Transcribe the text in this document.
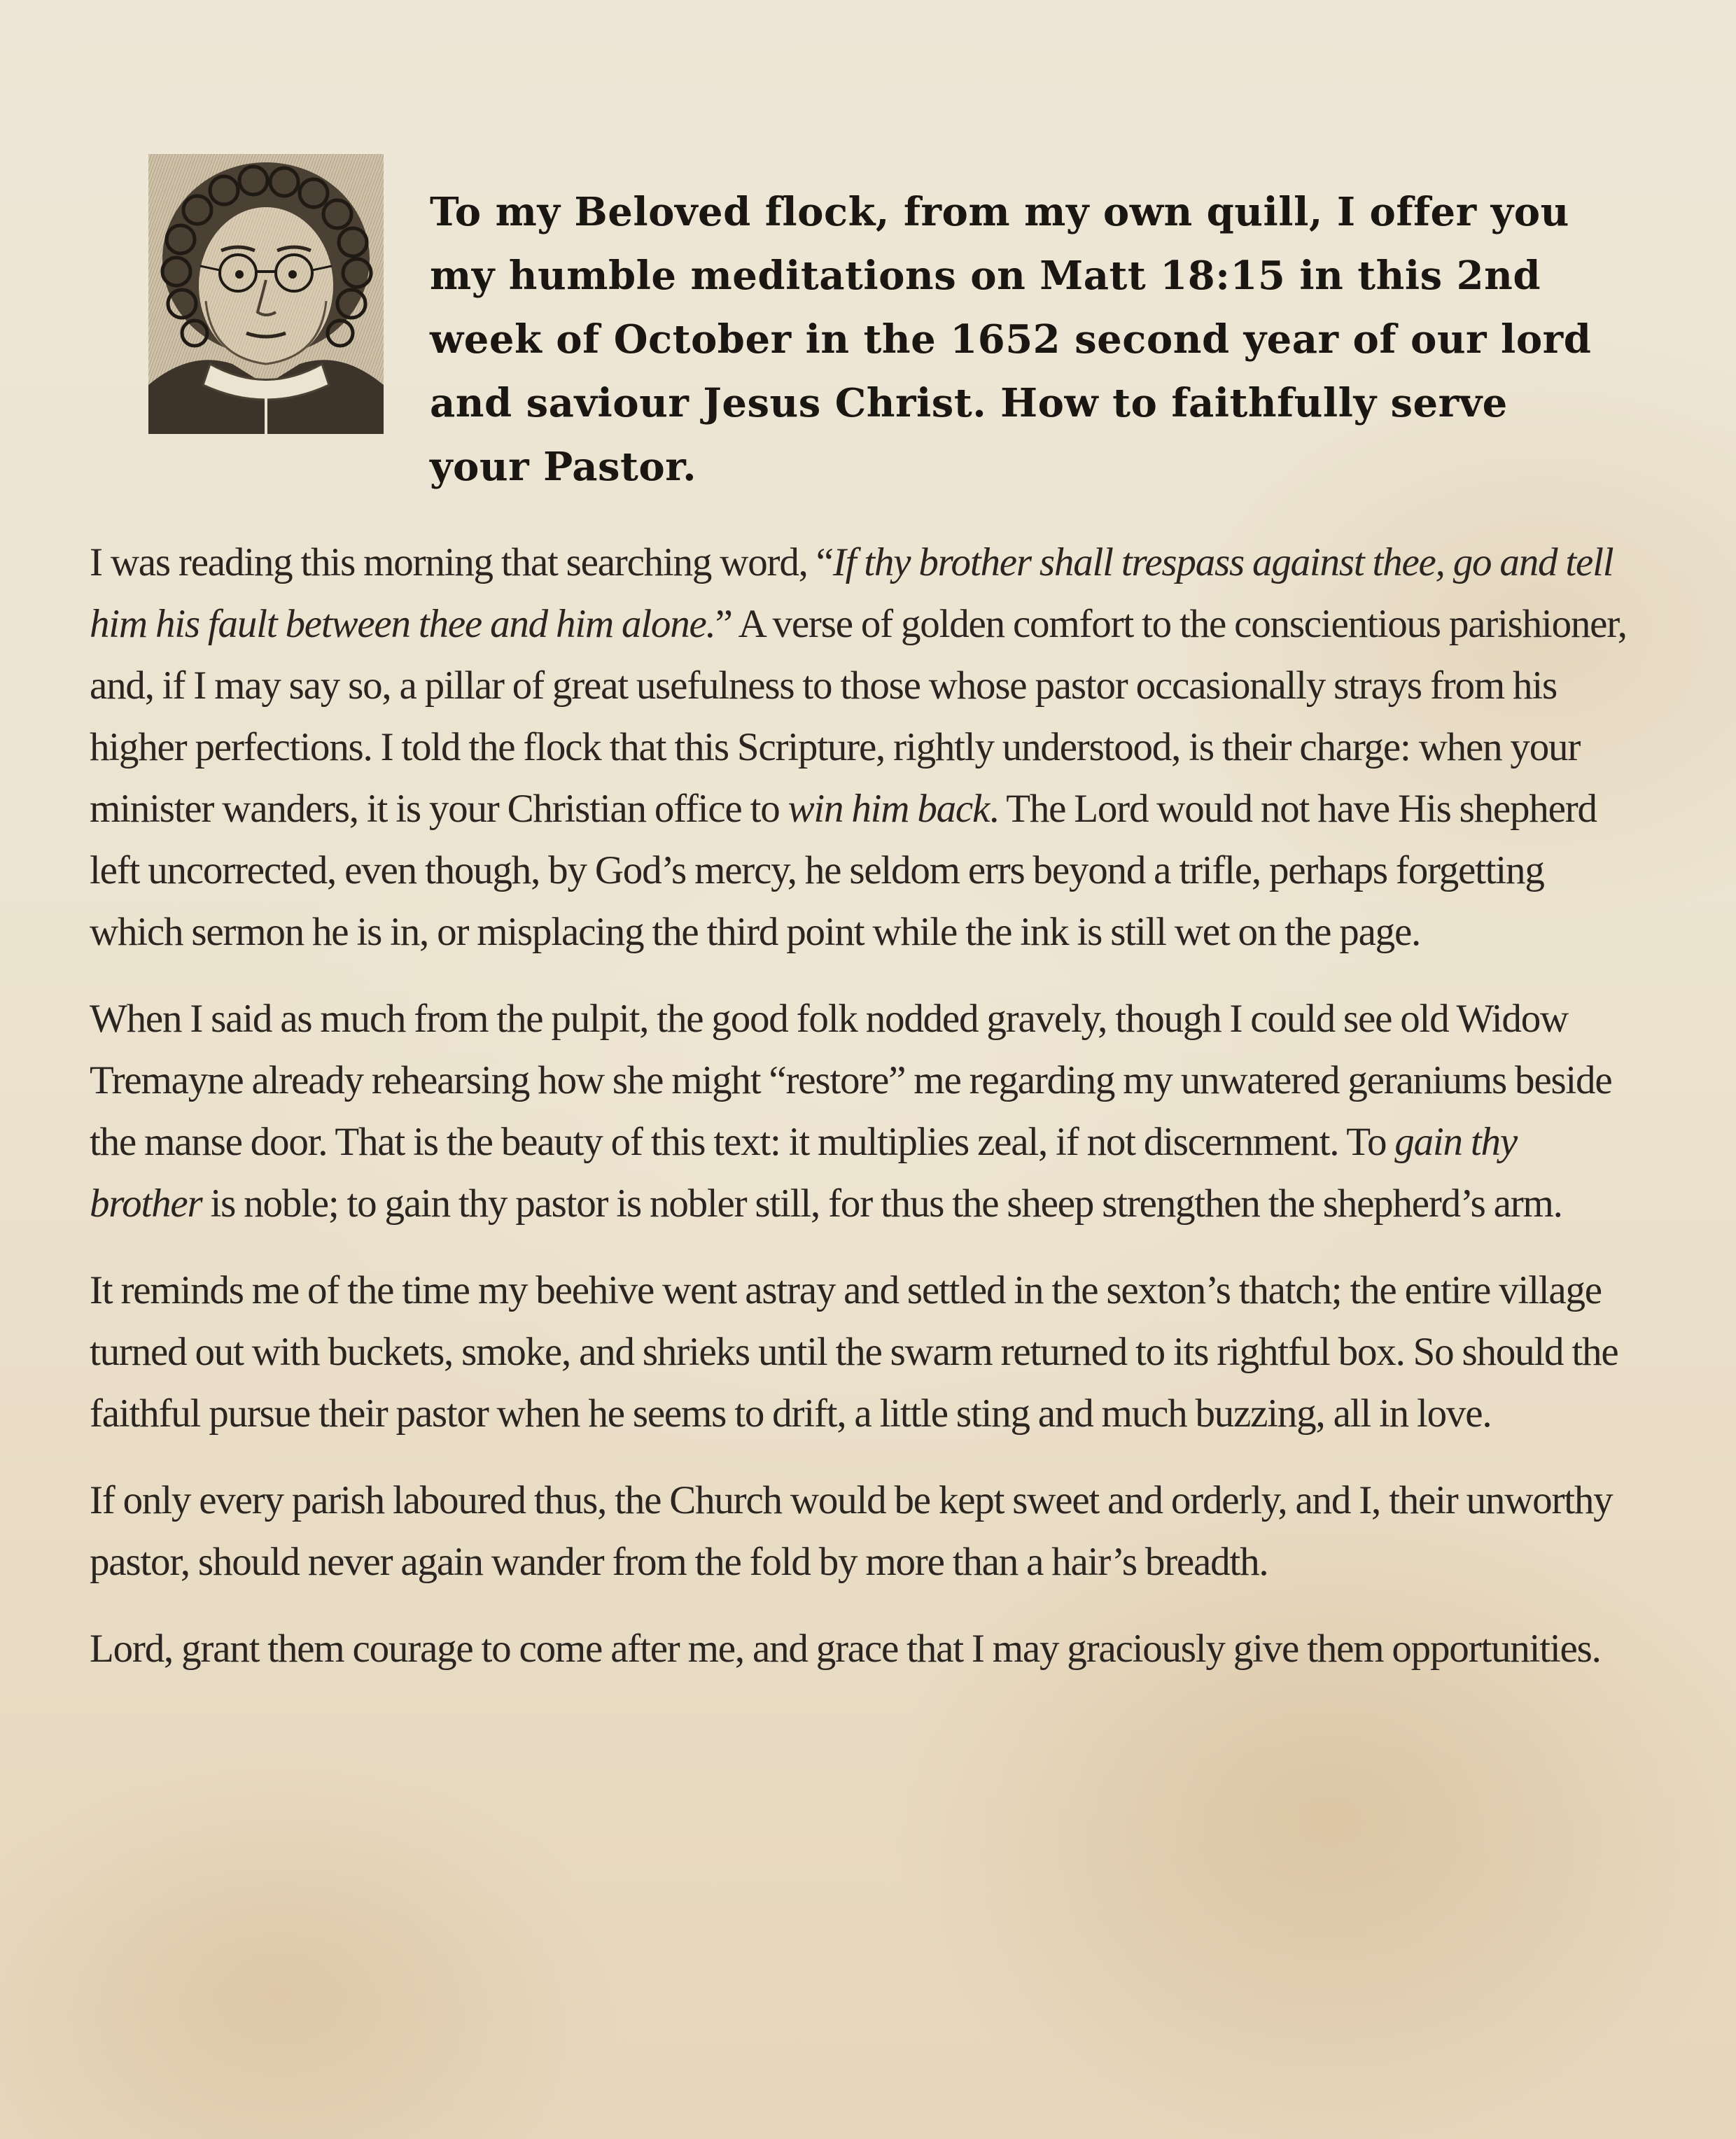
To my Beloved flock, from my own quill, I offer you my humble meditations on Matt 18:15 in this 2nd week of October in the 1652 second year of our lord and saviour Jesus Christ. How to faithfully serve your Pastor.

I was reading this morning that searching word, “If thy brother shall trespass against thee, go and tell him his fault between thee and him alone.” A verse of golden comfort to the conscientious parishioner, and, if I may say so, a pillar of great usefulness to those whose pastor occasionally strays from his higher perfections. I told the flock that this Scripture, rightly understood, is their charge: when your minister wanders, it is your Christian office to win him back. The Lord would not have His shepherd left uncorrected, even though, by God’s mercy, he seldom errs beyond a trifle, perhaps forgetting which sermon he is in, or misplacing the third point while the ink is still wet on the page.

When I said as much from the pulpit, the good folk nodded gravely, though I could see old Widow Tremayne already rehearsing how she might “restore” me regarding my unwatered geraniums beside the manse door. That is the beauty of this text: it multiplies zeal, if not discernment. To gain thy brother is noble; to gain thy pastor is nobler still, for thus the sheep strengthen the shepherd’s arm.

It reminds me of the time my beehive went astray and settled in the sexton’s thatch; the entire village turned out with buckets, smoke, and shrieks until the swarm returned to its rightful box. So should the faithful pursue their pastor when he seems to drift, a little sting and much buzzing, all in love.

If only every parish laboured thus, the Church would be kept sweet and orderly, and I, their unworthy pastor, should never again wander from the fold by more than a hair’s breadth.

Lord, grant them courage to come after me, and grace that I may graciously give them opportunities.
